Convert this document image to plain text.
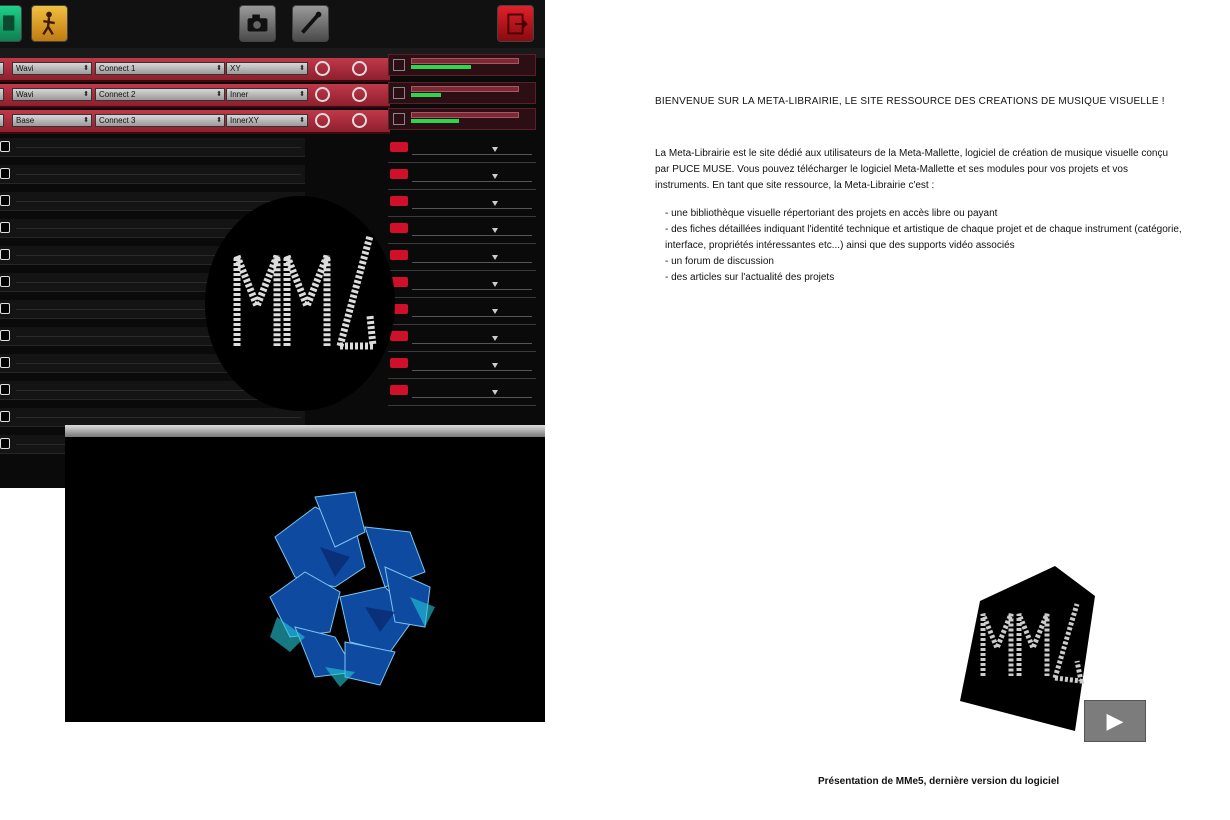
⬍
Wavi ⬍	Connect 1 ⬍	XY ⬍
⬍
Wavi ⬍	Connect 2 ⬍	Inner ⬍
⬍
Base ⬍	Connect 3 ⬍	InnerXY ⬍

BIENVENUE SUR LA META-LIBRAIRIE, LE SITE RESSOURCE DES CREATIONS DE MUSIQUE VISUELLE !

La Meta-Librairie est le site dédié aux utilisateurs de la Meta-Mallette, logiciel de création de musique visuelle conçu par PUCE MUSE. Vous pouvez télécharger le logiciel Meta-Mallette et ses modules pour vos projets et vos instruments. En tant que site ressource, la Meta-Librairie c'est :

- une bibliothèque visuelle répertoriant des projets en accès libre ou payant
- des fiches détaillées indiquant l'identité technique et artistique de chaque projet et de chaque instrument (catégorie, interface, propriétés intéressantes etc...) ainsi que des supports vidéo associés
- un forum de discussion
- des articles sur l'actualité des projets
▶
Présentation de MMe5, dernière version du logiciel
